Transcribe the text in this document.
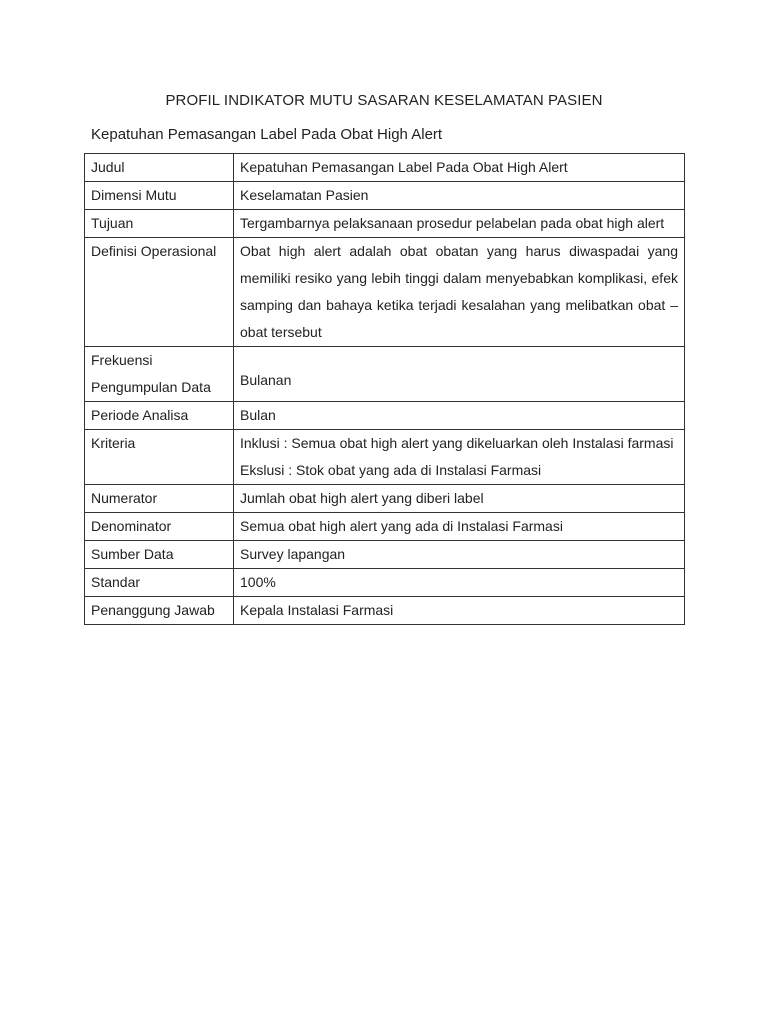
PROFIL INDIKATOR MUTU SASARAN KESELAMATAN PASIEN
Kepatuhan Pemasangan Label Pada Obat High Alert
Judul	Kepatuhan Pemasangan Label Pada Obat High Alert

Dimensi Mutu	Keselamatan Pasien

Tujuan	Tergambarnya pelaksanaan prosedur pelabelan pada obat high alert

Definisi Operasional	Obat high alert adalah obat obatan yang harus diwaspadai yang memiliki resiko yang lebih tinggi dalam menyebabkan komplikasi, efek samping dan bahaya ketika terjadi kesalahan yang melibatkan obat – obat tersebut

Frekuensi
Pengumpulan Data	Bulanan

Periode Analisa	Bulan

Kriteria	Inklusi : Semua obat high alert yang dikeluarkan oleh Instalasi farmasi
Ekslusi : Stok obat yang ada di Instalasi Farmasi

Numerator	Jumlah obat high alert yang diberi label

Denominator	Semua obat high alert yang ada di Instalasi Farmasi

Sumber Data	Survey lapangan

Standar	100%

Penanggung Jawab	Kepala Instalasi Farmasi
